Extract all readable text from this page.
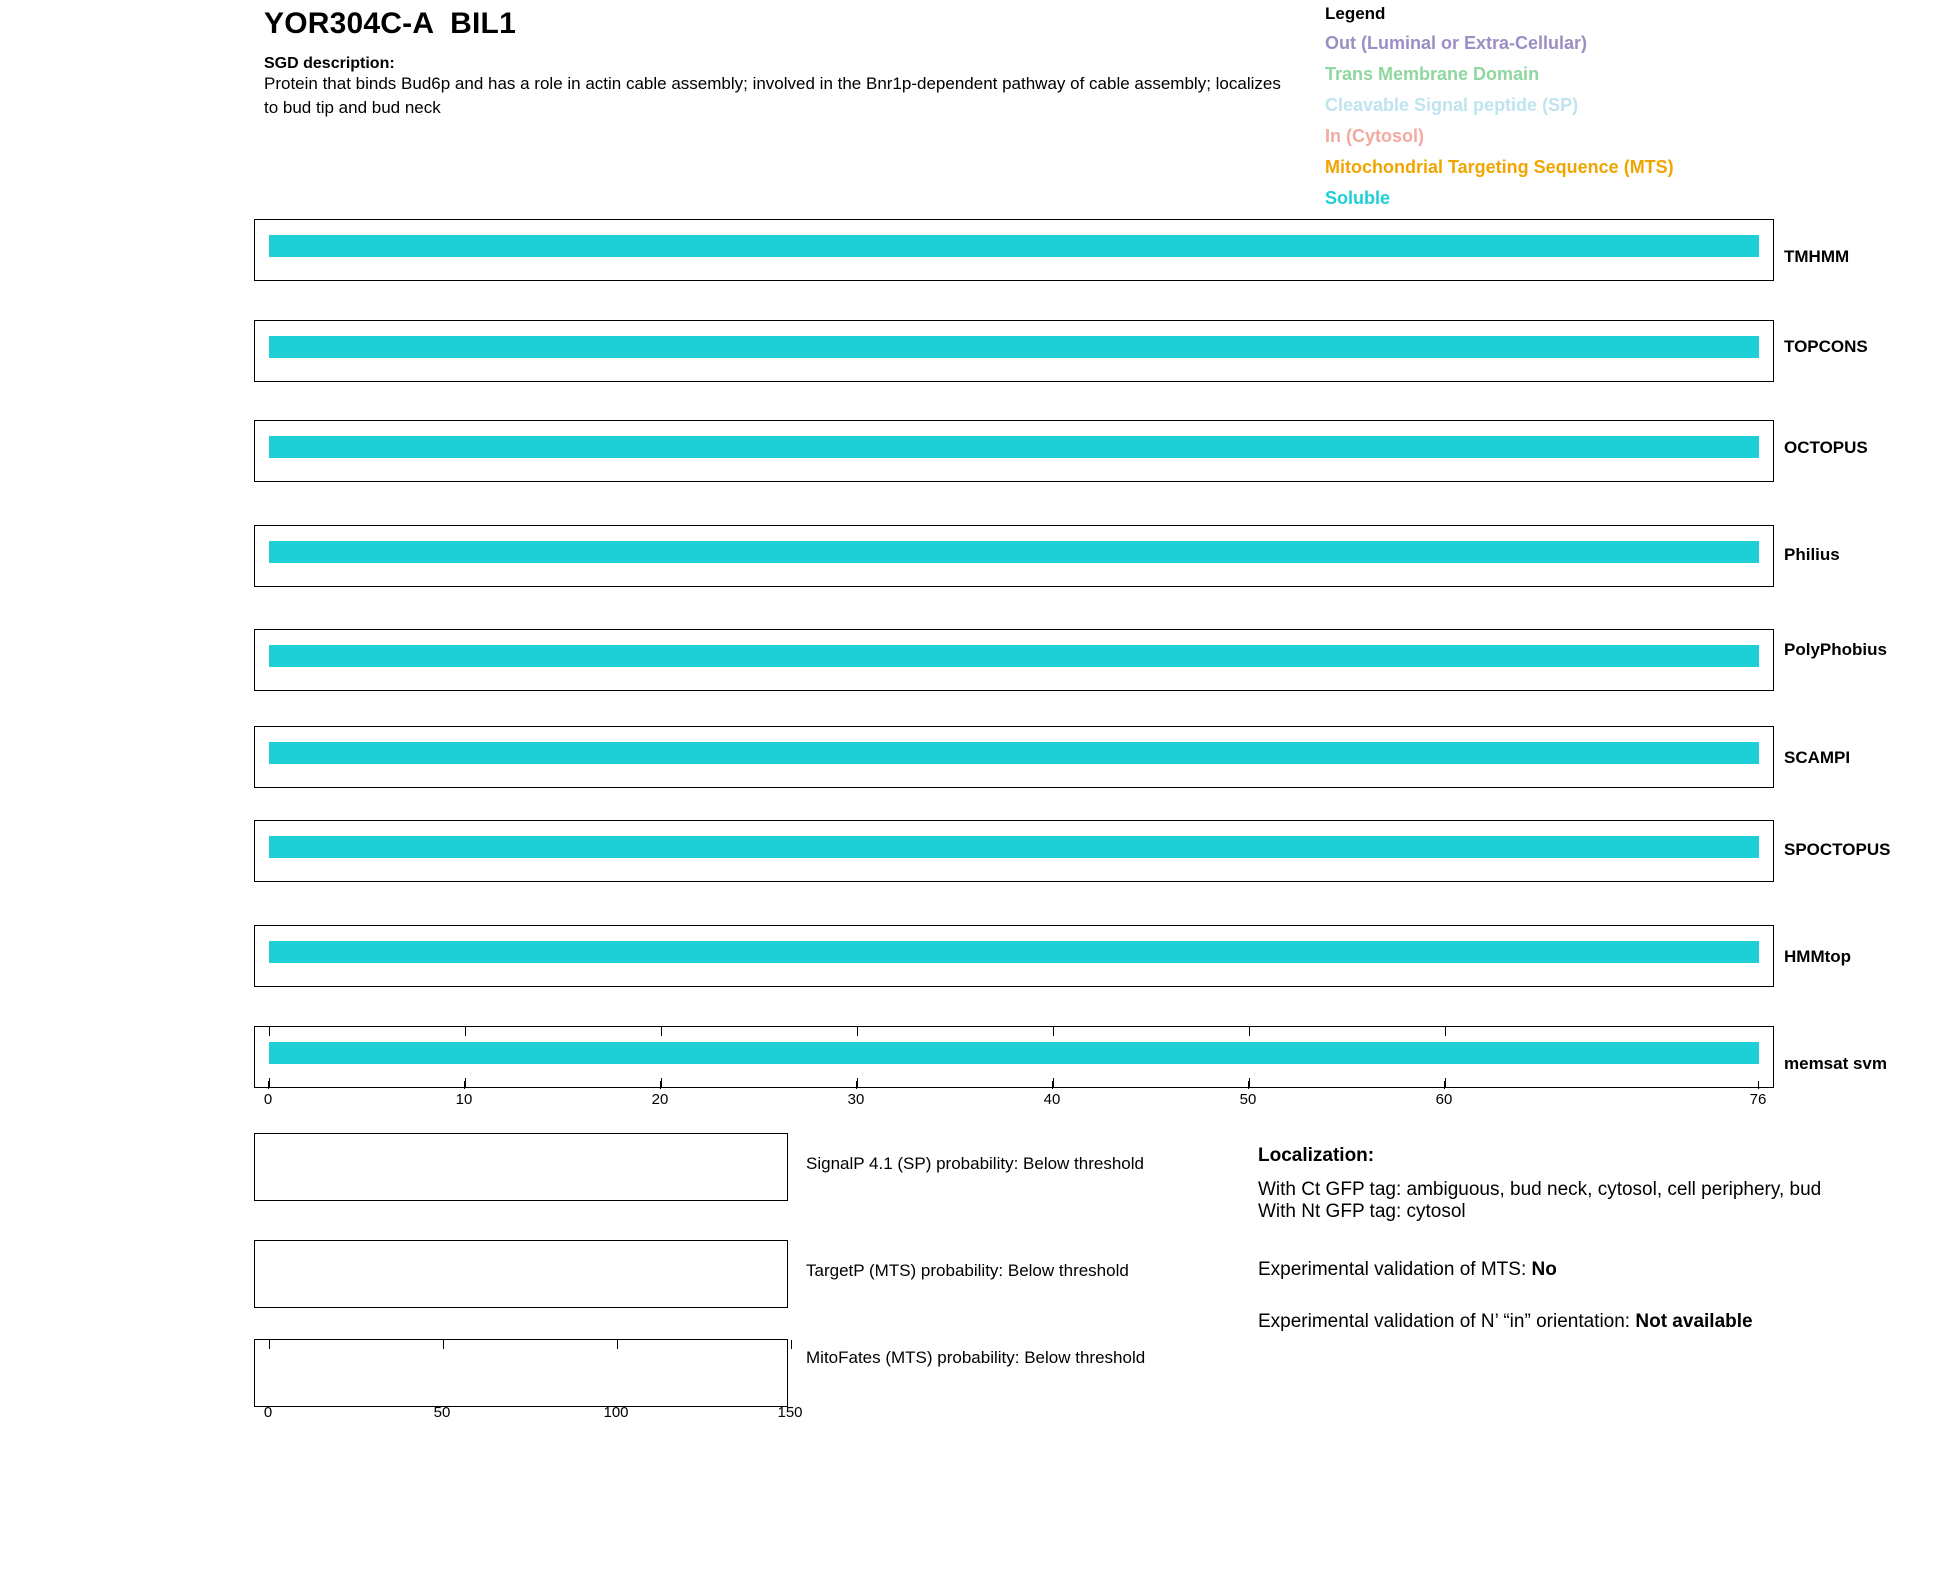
YOR304C-A  BIL1
SGD description:
Protein that binds Bud6p and has a role in actin cable assembly; involved in the Bnr1p-dependent pathway of cable assembly; localizes to bud tip and bud neck
Legend
Out (Luminal or Extra-Cellular)
Trans Membrane Domain
Cleavable Signal peptide (SP)
In (Cytosol)
Mitochondrial Targeting Sequence (MTS)
Soluble
TMHMM
TOPCONS
OCTOPUS
Philius
PolyPhobius
SCAMPI
SPOCTOPUS
HMMtop
memsat svm
0	10	20	30	40	50	60	76
SignalP 4.1 (SP) probability: Below threshold
TargetP (MTS) probability: Below threshold
MitoFates (MTS) probability: Below threshold
0	50	100	150
Localization:
With Ct GFP tag: ambiguous, bud neck, cytosol, cell periphery, bud
With Nt GFP tag: cytosol
Experimental validation of MTS: No
Experimental validation of N’ “in” orientation: Not available
